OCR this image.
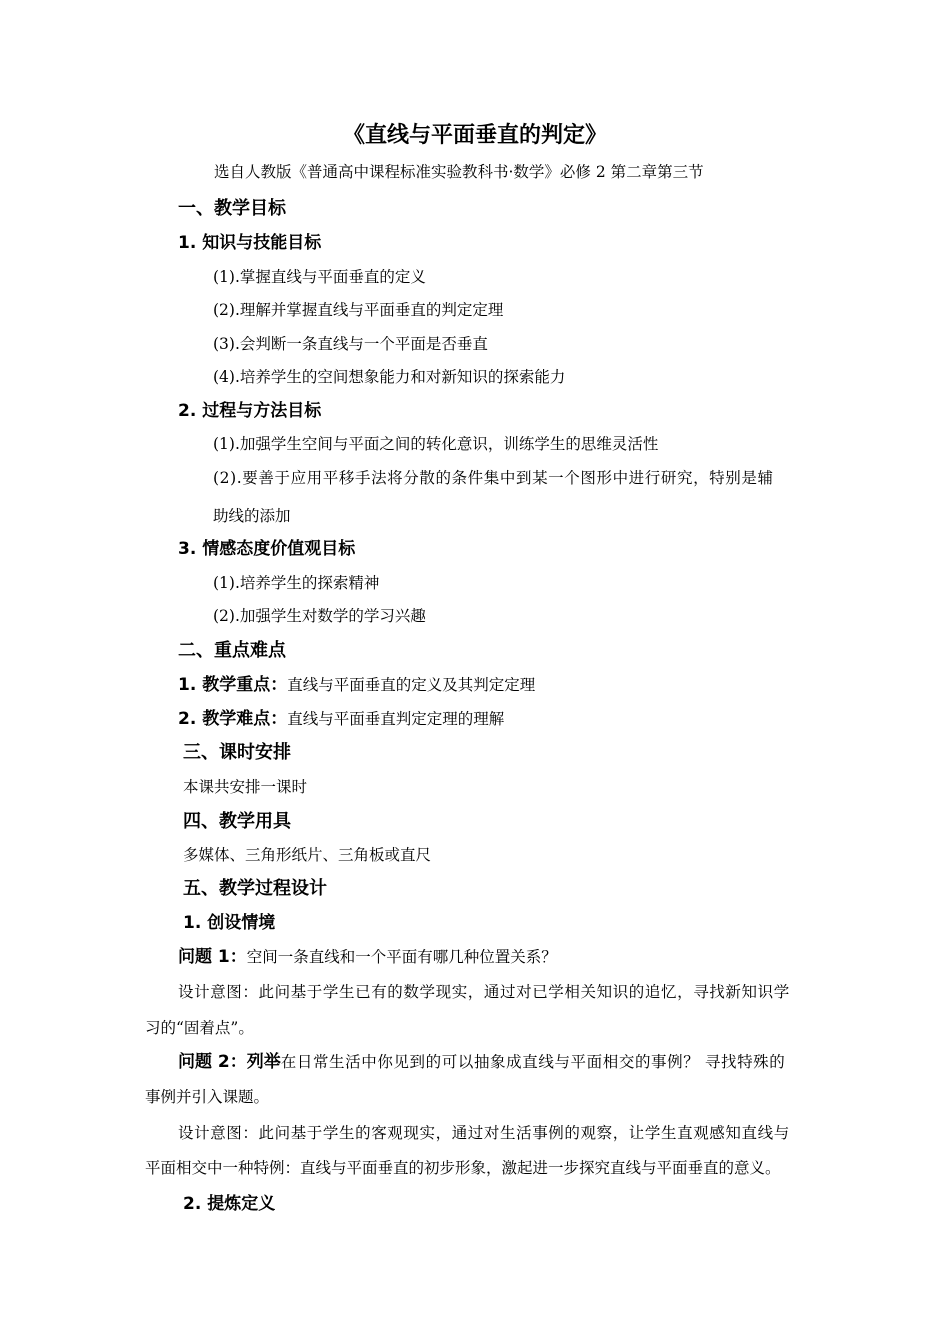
《直线与平面垂直的判定》
选自人教版《普通高中课程标准实验教科书·数学》必修 2 第二章第三节
一、教学目标
1. 知识与技能目标
(1).掌握直线与平面垂直的定义
(2).理解并掌握直线与平面垂直的判定定理
(3).会判断一条直线与一个平面是否垂直
(4).培养学生的空间想象能力和对新知识的探索能力
2. 过程与方法目标
(1).加强学生空间与平面之间的转化意识，训练学生的思维灵活性
(2).要善于应用平移手法将分散的条件集中到某一个图形中进行研究，特别是辅
助线的添加
3. 情感态度价值观目标
(1).培养学生的探索精神
(2).加强学生对数学的学习兴趣
二、重点难点
1. 教学重点：直线与平面垂直的定义及其判定定理
2. 教学难点：直线与平面垂直判定定理的理解
三、课时安排
本课共安排一课时
四、教学用具
多媒体、三角形纸片、三角板或直尺
五、教学过程设计
1. 创设情境
问题 1：空间一条直线和一个平面有哪几种位置关系？
设计意图：此问基于学生已有的数学现实，通过对已学相关知识的追忆，寻找新知识学
习的“固着点”。
问题 2：列举在日常生活中你见到的可以抽象成直线与平面相交的事例？ 寻找特殊的
事例并引入课题。
设计意图：此问基于学生的客观现实，通过对生活事例的观察，让学生直观感知直线与
平面相交中一种特例：直线与平面垂直的初步形象，激起进一步探究直线与平面垂直的意义。
2. 提炼定义
